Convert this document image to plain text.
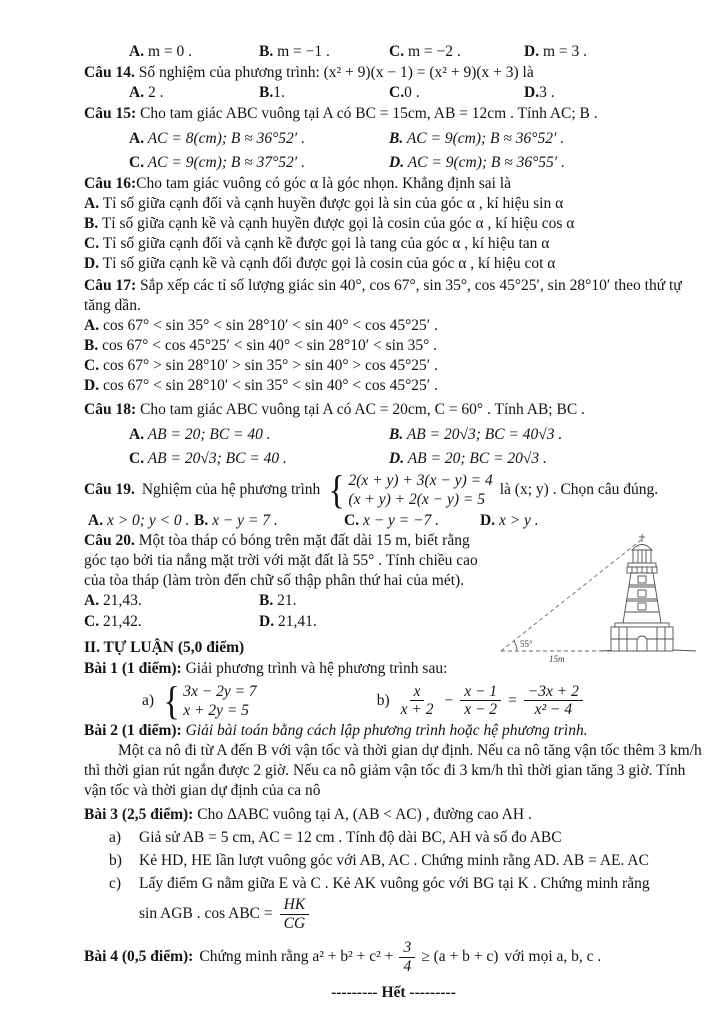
A. m = 0 .	B. m = −1 .	C. m = −2 .	D. m = 3 .
Câu 14. Số nghiệm của phương trình: (x² + 9)(x − 1) = (x² + 9)(x + 3) là
A. 2 .	B.1.	C.0 .	D.3 .
Câu 15: Cho tam giác ABC vuông tại A có BC = 15cm, AB = 12cm . Tính AC; B .
A. AC = 8(cm); B ≈ 36°52′ .	B. AC = 9(cm); B ≈ 36°52′ .
C. AC = 9(cm); B ≈ 37°52′ .	D. AC = 9(cm); B ≈ 36°55′ .
Câu 16:Cho tam giác vuông có góc α là góc nhọn. Khẳng định sai là
A. Tỉ số giữa cạnh đối và cạnh huyền được gọi là sin của góc α , kí hiệu sin α
B. Tỉ số giữa cạnh kề và cạnh huyền được gọi là cosin của góc α , kí hiệu cos α
C. Tỉ số giữa cạnh đối và cạnh kề được gọi là tang của góc α , kí hiệu tan α
D. Tỉ số giữa cạnh kề và cạnh đối được gọi là cosin của góc α , kí hiệu cot α
Câu 17: Sắp xếp các tỉ số lượng giác sin 40°, cos 67°, sin 35°, cos 45°25′, sin 28°10′ theo thứ tự tăng dần.
A. cos 67° < sin 35° < sin 28°10′ < sin 40° < cos 45°25′ .
B. cos 67° < cos 45°25′ < sin 40° < sin 28°10′ < sin 35° .
C. cos 67° > sin 28°10′ > sin 35° > sin 40° > cos 45°25′ .
D. cos 67° < sin 28°10′ < sin 35° < sin 40° < cos 45°25′ .
Câu 18: Cho tam giác ABC vuông tại A có AC = 20cm, C = 60° . Tính AB; BC .
A. AB = 20; BC = 40 .	B. AB = 20√3; BC = 40√3 .
C. AB = 20√3; BC = 40 .	D. AB = 20; BC = 20√3 .
Câu 19. Nghiệm của hệ phương trình
{ 2(x + y) + 3(x − y) = 4
(x + y) + 2(x − y) = 5
là (x; y) . Chọn câu đúng.
A. x > 0; y < 0 . B. x − y = 7 .	C. x − y = −7 .	D. x > y .
55°
15m

Câu 20. Một tòa tháp có bóng trên mặt đất dài 15 m, biết rằng góc tạo bởi tia nắng mặt trời với mặt đất là 55° . Tính chiều cao của tòa tháp (làm tròn đến chữ số thập phân thứ hai của mét).

A. 21,43.	B. 21.
C. 21,42.	D. 21,41.
II. TỰ LUẬN (5,0 điểm)
Bài 1 (1 điểm): Giải phương trình và hệ phương trình sau:
a)
{ 3x − 2y = 7
x + 2y = 5
$b) \frac{x}{x + 2} - \frac{x - 1}{x - 2} = \frac{-3x + 2}{\text{x² − 4}}$
Bài 2 (1 điểm): Giải bài toán bằng cách lập phương trình hoặc hệ phương trình.
Một ca nô đi từ A đến B với vận tốc và thời gian dự định. Nếu ca nô tăng vận tốc thêm 3 km/h thì thời gian rút ngắn được 2 giờ. Nếu ca nô giảm vận tốc đi 3 km/h thì thời gian tăng 3 giờ. Tính vận tốc và thời gian dự định của ca nô
Bài 3 (2,5 điểm): Cho ΔABC vuông tại A, (AB < AC) , đường cao AH .
a)	Giả sử AB = 5 cm, AC = 12 cm . Tính độ dài BC, AH và số đo ABC
b)	Kẻ HD, HE lần lượt vuông góc với AB, AC . Chứng minh rằng AD. AB = AE. AC
c)	Lấy điểm G nằm giữa E và C . Kẻ AK vuông góc với BG tại K . Chứng minh rằng
sin AGB . cos ABC = $\frac{HK}{CG}$
Bài 4 (0,5 điểm): Chứng minh rằng $a^2 + b^2 + c^2 + \frac{3}{4} \ge (a + b + c)$ với mọi a, b, c .
--------- Hết ---------
